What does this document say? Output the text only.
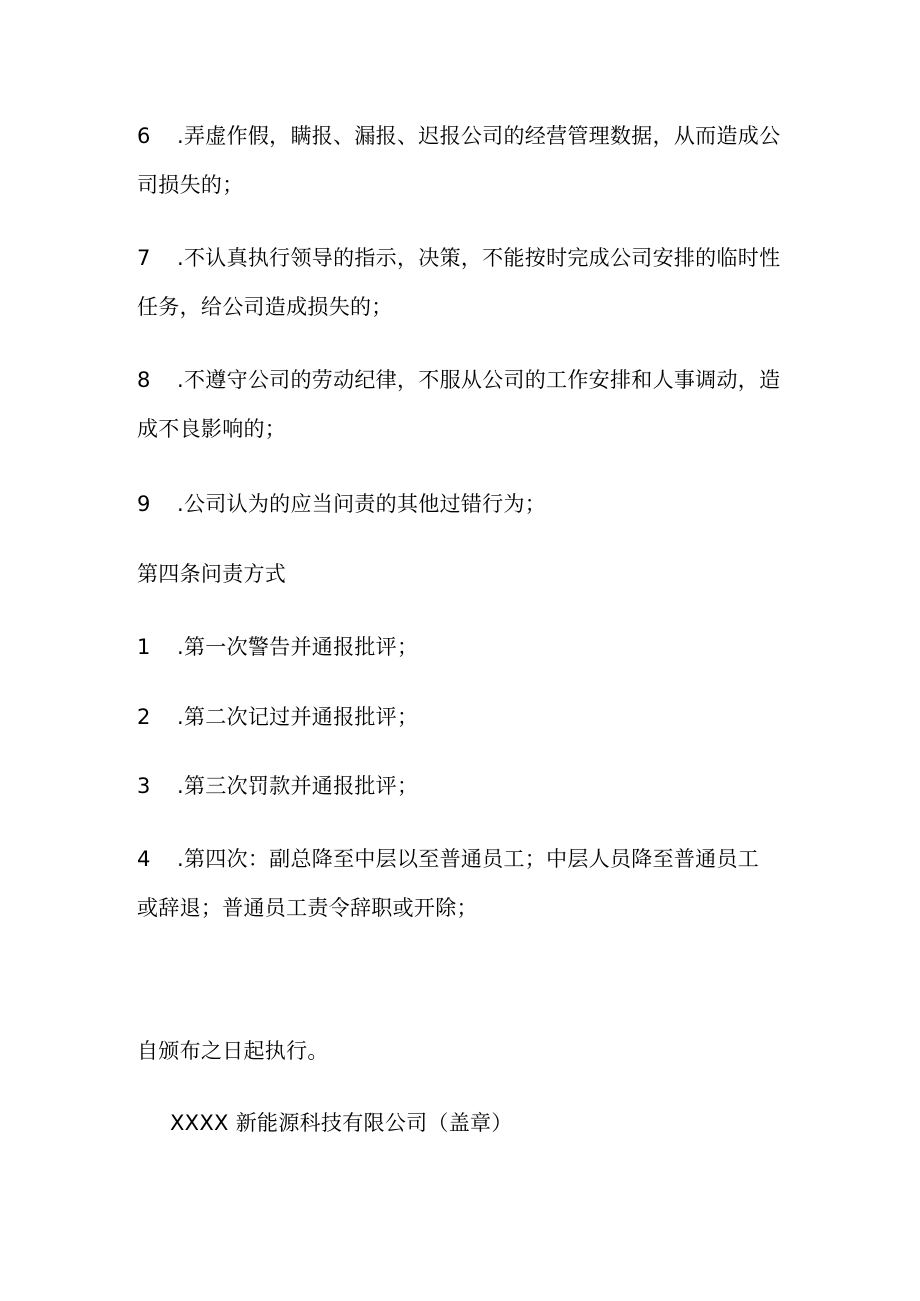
6 .弄虚作假，瞒报、漏报、迟报公司的经营管理数据，从而造成公
司损失的；
7 .不认真执行领导的指示，决策，不能按时完成公司安排的临时性
任务，给公司造成损失的；
8 .不遵守公司的劳动纪律，不服从公司的工作安排和人事调动，造
成不良影响的；
9 .公司认为的应当问责的其他过错行为；
第四条问责方式
1 .第一次警告并通报批评；
2 .第二次记过并通报批评；
3 .第三次罚款并通报批评；
4 .第四次：副总降至中层以至普通员工；中层人员降至普通员工
或辞退；普通员工责令辞职或开除；
自颁布之日起执行。
XXXX 新能源科技有限公司（盖章）
